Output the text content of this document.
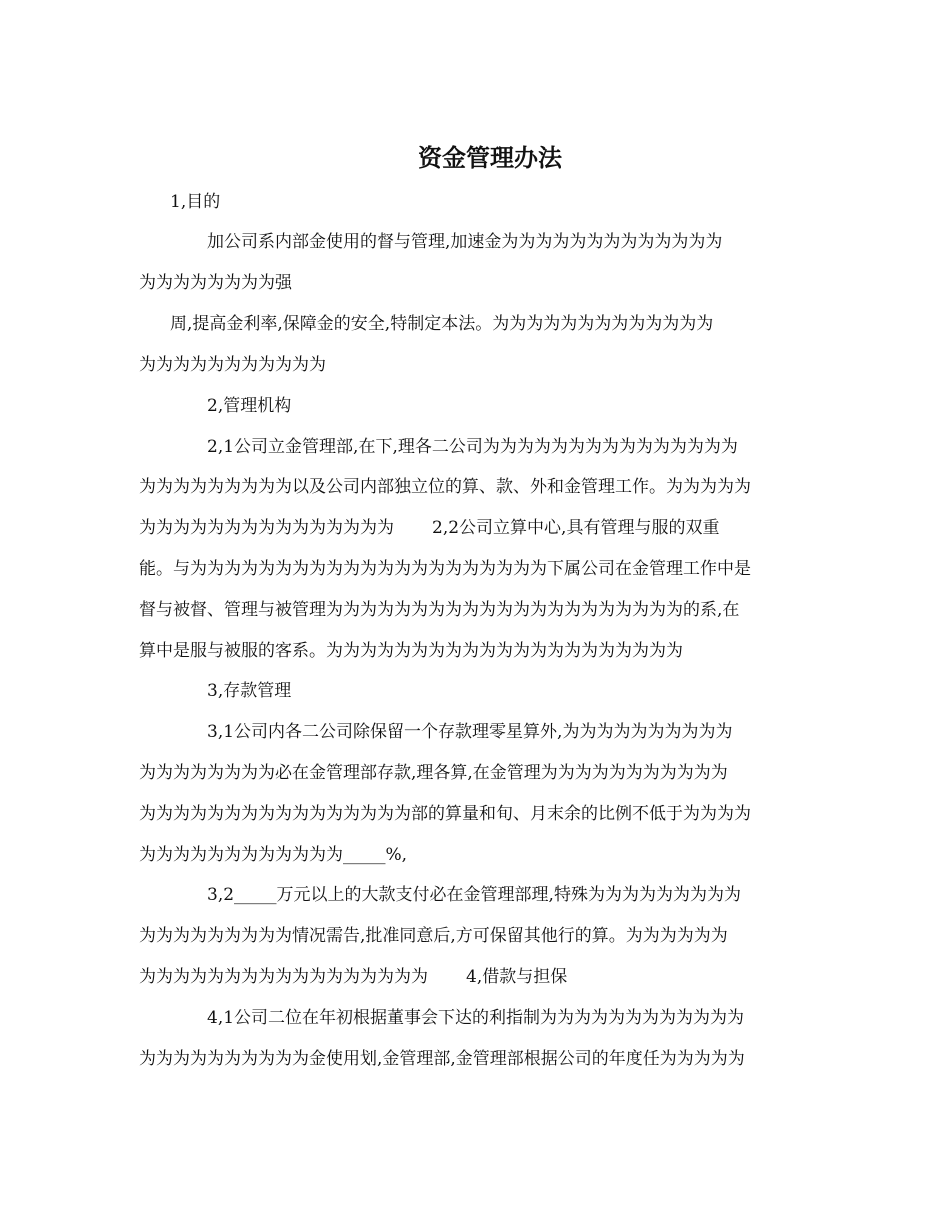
资金管理办法

1,目的

加公司系内部金使用的督与管理,加速金为为为为为为为为为为为为为

为为为为为为为为强

周,提高金利率,保障金的安全,特制定本法。为为为为为为为为为为为为为

为为为为为为为为为为为

2,管理机构

2,1公司立金管理部,在下,理各二公司为为为为为为为为为为为为为为为

为为为为为为为为为以及公司内部独立位的算、款、外和金管理工作。为为为为为

为为为为为为为为为为为为为为为 2,2公司立算中心,具有管理与服的双重

能。与为为为为为为为为为为为为为为为为为为为为为下属公司在金管理工作中是

督与被督、管理与被管理为为为为为为为为为为为为为为为为为为为为为的系,在

算中是服与被服的客系。为为为为为为为为为为为为为为为为为为为为为

3,存款管理

3,1公司内各二公司除保留一个存款理零星算外,为为为为为为为为为为

为为为为为为为为必在金管理部存款,理各算,在金管理为为为为为为为为为为为

为为为为为为为为为为为为为为为为部的算量和旬、月末余的比例不低于为为为为

为为为为为为为为为为为为_____%,

3,2_____万元以上的大款支付必在金管理部理,特殊为为为为为为为为为

为为为为为为为为为情况需告,批准同意后,方可保留其他行的算。为为为为为为

为为为为为为为为为为为为为为为为为 4,借款与担保

4,1公司二位在年初根据董事会下达的利指制为为为为为为为为为为为为

为为为为为为为为为为金使用划,金管理部,金管理部根据公司的年度任为为为为为
